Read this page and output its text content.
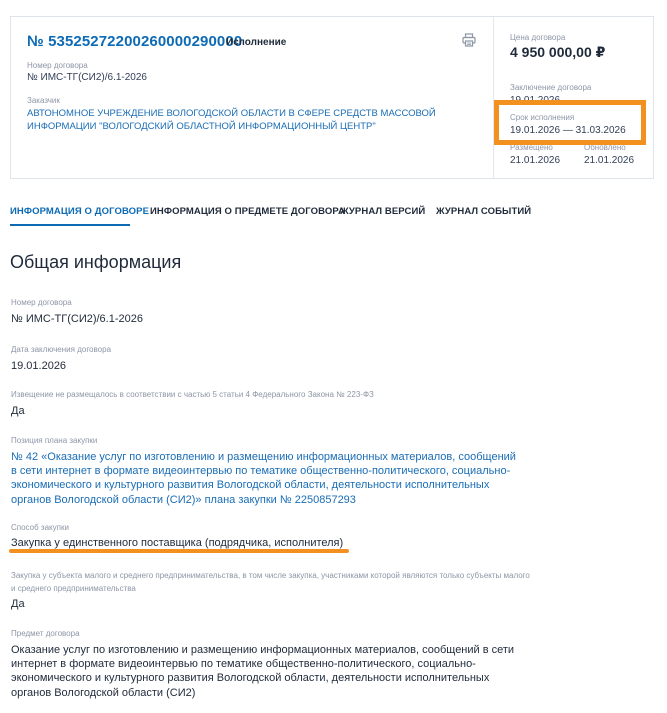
№ 53525272200260000290000
Исполнение
Номер договора
№ ИМС-ТГ(СИ2)/6.1-2026
Заказчик
АВТОНОМНОЕ УЧРЕЖДЕНИЕ ВОЛОГОДСКОЙ ОБЛАСТИ В СФЕРЕ СРЕДСТВ МАССОВОЙ ИНФОРМАЦИИ "ВОЛОГОДСКИЙ ОБЛАСТНОЙ ИНФОРМАЦИОННЫЙ ЦЕНТР"
Цена договора
4 950 000,00 ₽
Заключение договора
19.01.2026
Срок исполнения
19.01.2026 — 31.03.2026
Размещено
21.01.2026
Обновлено
21.01.2026
ИНФОРМАЦИЯ О ДОГОВОРЕ ИНФОРМАЦИЯ О ПРЕДМЕТЕ ДОГОВОРА
ЖУРНАЛ ВЕРСИЙ ЖУРНАЛ СОБЫТИЙ
Общая информация
Номер договора
№ ИМС-ТГ(СИ2)/6.1-2026
Дата заключения договора
19.01.2026
Извещение не размещалось в соответствии с частью 5 статьи 4 Федерального Закона № 223-ФЗ
Да
Позиция плана закупки
№ 42 «Оказание услуг по изготовлению и размещению информационных материалов, сообщений в сети интернет в формате видеоинтервью по тематике общественно-политического, социально-экономического и культурного развития Вологодской области, деятельности исполнительных органов Вологодской области (СИ2)» плана закупки № 2250857293
Способ закупки
Закупка у единственного поставщика (подрядчика, исполнителя)
Закупка у субъекта малого и среднего предпринимательства, в том числе закупка, участниками которой являются только субъекты малого и среднего предпринимательства
Да
Предмет договора
Оказание услуг по изготовлению и размещению информационных материалов, сообщений в сети интернет в формате видеоинтервью по тематике общественно-политического, социально-экономического и культурного развития Вологодской области, деятельности исполнительных органов Вологодской области (СИ2)
